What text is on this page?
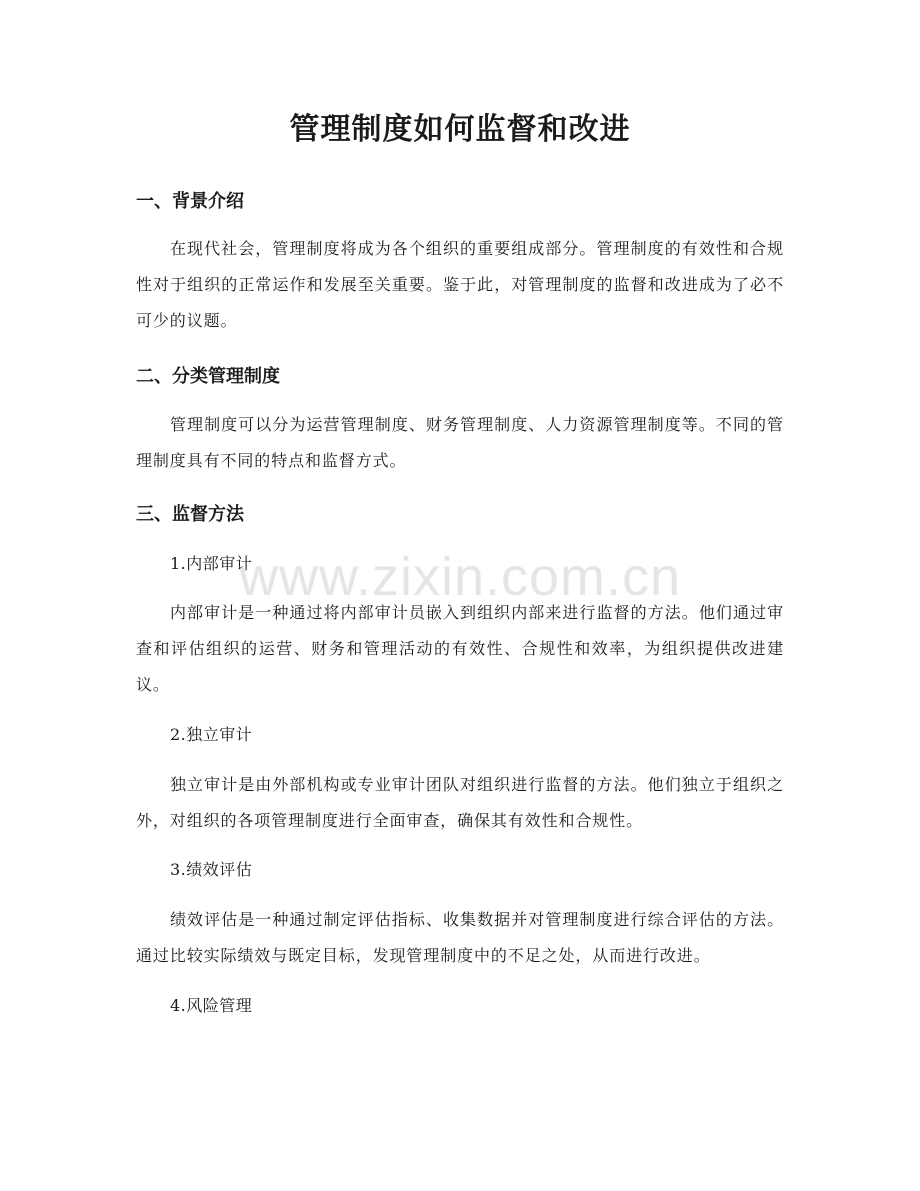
管理制度如何监督和改进
一、背景介绍

在现代社会，管理制度将成为各个组织的重要组成部分。管理制度的有效性和合规性对于组织的正常运作和发展至关重要。鉴于此，对管理制度的监督和改进成为了必不可少的议题。

二、分类管理制度

管理制度可以分为运营管理制度、财务管理制度、人力资源管理制度等。不同的管理制度具有不同的特点和监督方式。

三、监督方法
1.内部审计

内部审计是一种通过将内部审计员嵌入到组织内部来进行监督的方法。他们通过审查和评估组织的运营、财务和管理活动的有效性、合规性和效率，为组织提供改进建议。

2.独立审计

独立审计是由外部机构或专业审计团队对组织进行监督的方法。他们独立于组织之外，对组织的各项管理制度进行全面审查，确保其有效性和合规性。

3.绩效评估

绩效评估是一种通过制定评估指标、收集数据并对管理制度进行综合评估的方法。通过比较实际绩效与既定目标，发现管理制度中的不足之处，从而进行改进。

4.风险管理
www.zixin.com.cn
